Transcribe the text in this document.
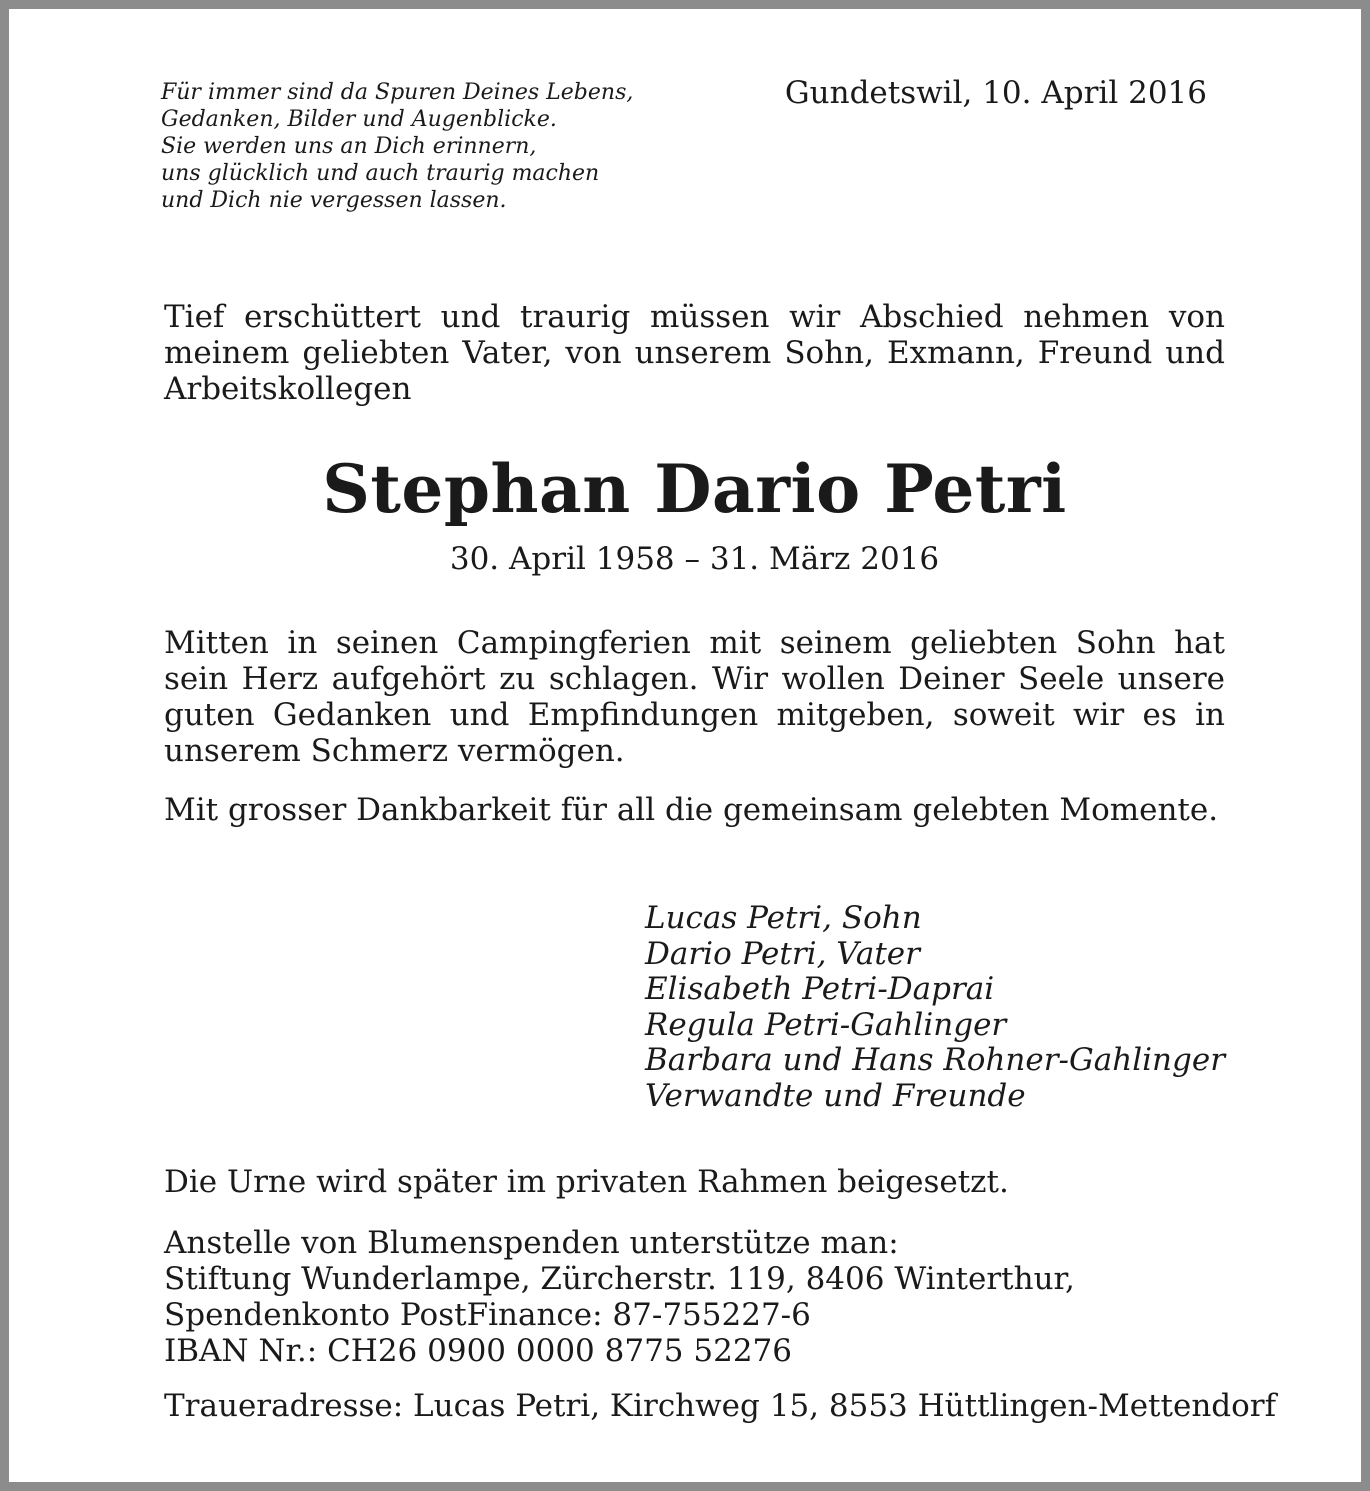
Für immer sind da Spuren Deines Lebens,
Gedanken, Bilder und Augenblicke.
Sie werden uns an Dich erinnern,
uns glücklich und auch traurig machen
und Dich nie vergessen lassen.
Gundetswil, 10. April 2016
Tief erschüttert und traurig müssen wir Abschied nehmen von meinem geliebten Vater, von unserem Sohn, Exmann, Freund und Arbeitskollegen
Stephan Dario Petri
30. April 1958 – 31. März 2016
Mitten in seinen Campingferien mit seinem geliebten Sohn hat sein Herz aufgehört zu schlagen. Wir wollen Deiner Seele unsere guten Gedanken und Empfindungen mitgeben, soweit wir es in unserem Schmerz vermögen.
Mit grosser Dankbarkeit für all die gemeinsam gelebten Momente.
Lucas Petri, Sohn
Dario Petri, Vater
Elisabeth Petri-Daprai
Regula Petri-Gahlinger
Barbara und Hans Rohner-Gahlinger
Verwandte und Freunde
Die Urne wird später im privaten Rahmen beigesetzt.
Anstelle von Blumenspenden unterstütze man:
Stiftung Wunderlampe, Zürcherstr. 119, 8406 Winterthur,
Spendenkonto PostFinance: 87-755227-6
IBAN Nr.: CH26 0900 0000 8775 52276
Traueradresse: Lucas Petri, Kirchweg 15, 8553 Hüttlingen-Mettendorf
